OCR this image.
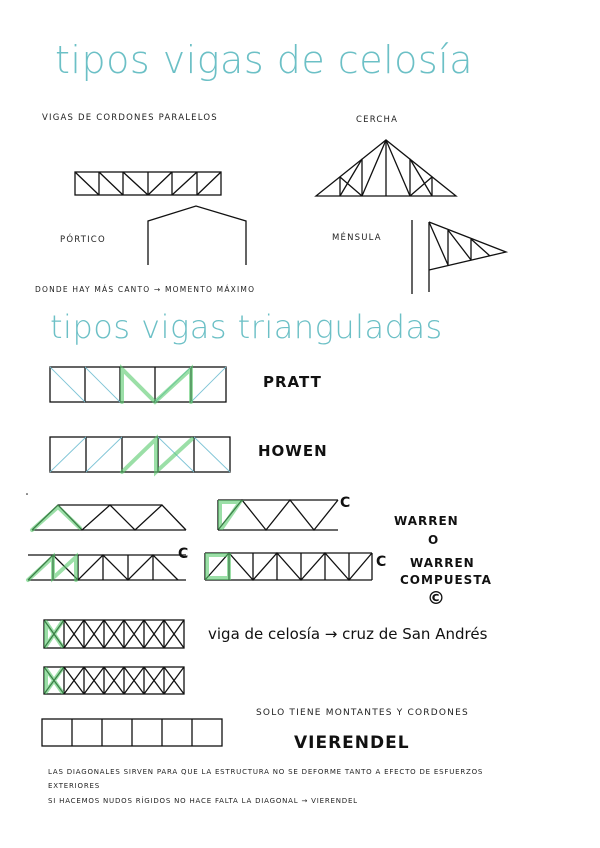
tipos vigas de celosía
tipos vigas trianguladas
VIGAS DE CORDONES PARALELOS	CERCHA
PÓRTICO	MÉNSULA
DONDE HAY MÁS CANTO → MOMENTO MÁXIMO
PRATT
HOWEN
C
C	C
WARREN
O
WARREN
COMPUESTA
©
viga de celosía → cruz de San Andrés
SOLO TIENE MONTANTES Y CORDONES
VIERENDEL
LAS DIAGONALES SIRVEN PARA QUE LA ESTRUCTURA NO SE DEFORME TANTO A EFECTO DE ESFUERZOS
EXTERIORES
SI HACEMOS NUDOS RÍGIDOS NO HACE FALTA LA DIAGONAL → VIERENDEL
